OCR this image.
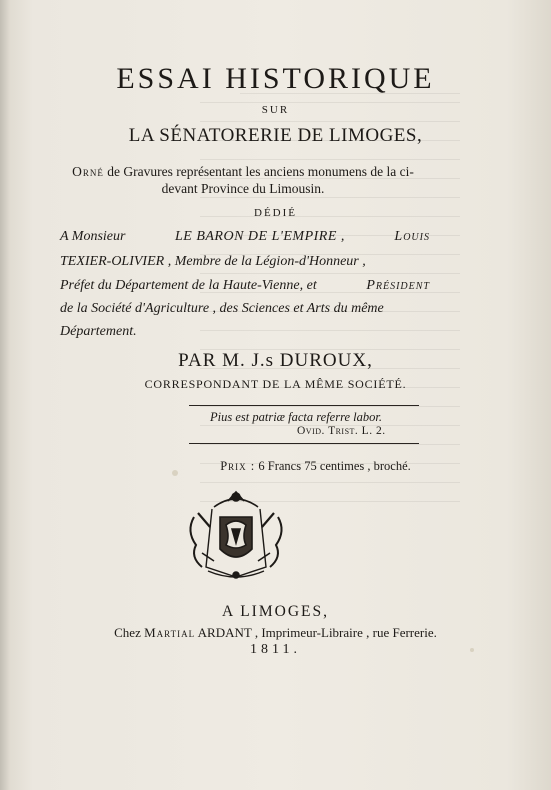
ESSAI HISTORIQUE
SUR
LA SÉNATORERIE DE LIMOGES,
Orné de Gravures représentant les anciens monumens de la ci-devant Province du Limousin.
DÉDIÉ
A Monsieur	LE BARON DE L'EMPIRE ,	Louis
TEXIER-OLIVIER , Membre de la Légion-d'Honneur ,
Préfet du Département de la Haute-Vienne, et	Président
de la Société d'Agriculture , des Sciences et Arts du même
Département.
PAR M. J.s DUROUX,
CORRESPONDANT DE LA MÊME SOCIÉTÉ.
Pius est patriæ facta referre labor.
Ovid. Trist. L. 2.
Prix : 6 Francs 75 centimes , broché.
A LIMOGES,
Chez Martial ARDANT , Imprimeur-Libraire , rue Ferrerie.
1811.
